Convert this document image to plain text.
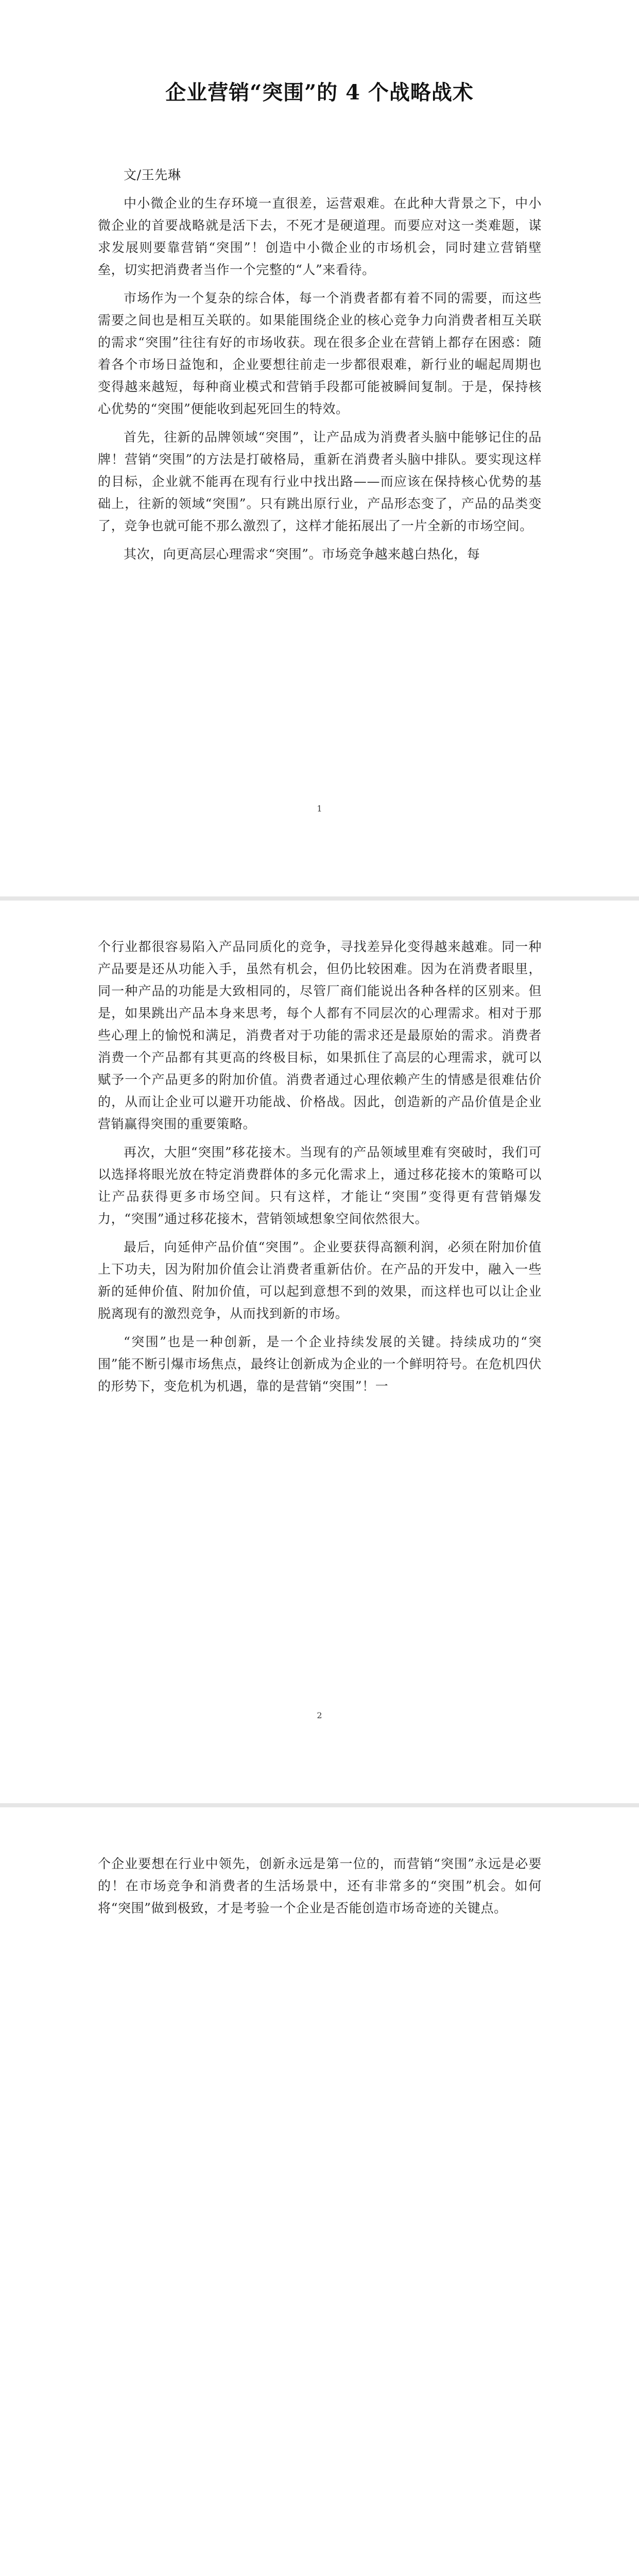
企业营销“突围”的 4 个战略战术

文/王先琳

中小微企业的生存环境一直很差，运营艰难。在此种大背景之下，中小微企业的首要战略就是活下去，不死才是硬道理。而要应对这一类难题，谋求发展则要靠营销“突围”！创造中小微企业的市场机会，同时建立营销壁垒，切实把消费者当作一个完整的“人”来看待。

市场作为一个复杂的综合体，每一个消费者都有着不同的需要，而这些需要之间也是相互关联的。如果能围绕企业的核心竞争力向消费者相互关联的需求“突围”往往有好的市场收获。现在很多企业在营销上都存在困惑：随着各个市场日益饱和，企业要想往前走一步都很艰难，新行业的崛起周期也变得越来越短，每种商业模式和营销手段都可能被瞬间复制。于是，保持核心优势的“突围”便能收到起死回生的特效。

首先，往新的品牌领域“突围”，让产品成为消费者头脑中能够记住的品牌！营销“突围”的方法是打破格局，重新在消费者头脑中排队。要实现这样的目标，企业就不能再在现有行业中找出路——而应该在保持核心优势的基础上，往新的领域“突围”。只有跳出原行业，产品形态变了，产品的品类变了，竞争也就可能不那么激烈了，这样才能拓展出了一片全新的市场空间。

其次，向更高层心理需求“突围”。市场竞争越来越白热化，每

1

个行业都很容易陷入产品同质化的竞争，寻找差异化变得越来越难。同一种产品要是还从功能入手，虽然有机会，但仍比较困难。因为在消费者眼里，同一种产品的功能是大致相同的，尽管厂商们能说出各种各样的区别来。但是，如果跳出产品本身来思考，每个人都有不同层次的心理需求。相对于那些心理上的愉悦和满足，消费者对于功能的需求还是最原始的需求。消费者消费一个产品都有其更高的终极目标，如果抓住了高层的心理需求，就可以赋予一个产品更多的附加价值。消费者通过心理依赖产生的情感是很难估价的，从而让企业可以避开功能战、价格战。因此，创造新的产品价值是企业营销赢得突围的重要策略。

再次，大胆“突围”移花接木。当现有的产品领域里难有突破时，我们可以选择将眼光放在特定消费群体的多元化需求上，通过移花接木的策略可以让产品获得更多市场空间。只有这样，才能让“突围”变得更有营销爆发力，“突围”通过移花接木，营销领域想象空间依然很大。

最后，向延伸产品价值“突围”。企业要获得高额利润，必须在附加价值上下功夫，因为附加价值会让消费者重新估价。在产品的开发中，融入一些新的延伸价值、附加价值，可以起到意想不到的效果，而这样也可以让企业脱离现有的激烈竞争，从而找到新的市场。

“突围”也是一种创新，是一个企业持续发展的关键。持续成功的“突围”能不断引爆市场焦点，最终让创新成为企业的一个鲜明符号。在危机四伏的形势下，变危机为机遇，靠的是营销“突围”！一

2

个企业要想在行业中领先，创新永远是第一位的，而营销“突围”永远是必要的！在市场竞争和消费者的生活场景中，还有非常多的“突围”机会。如何将“突围”做到极致，才是考验一个企业是否能创造市场奇迹的关键点。
